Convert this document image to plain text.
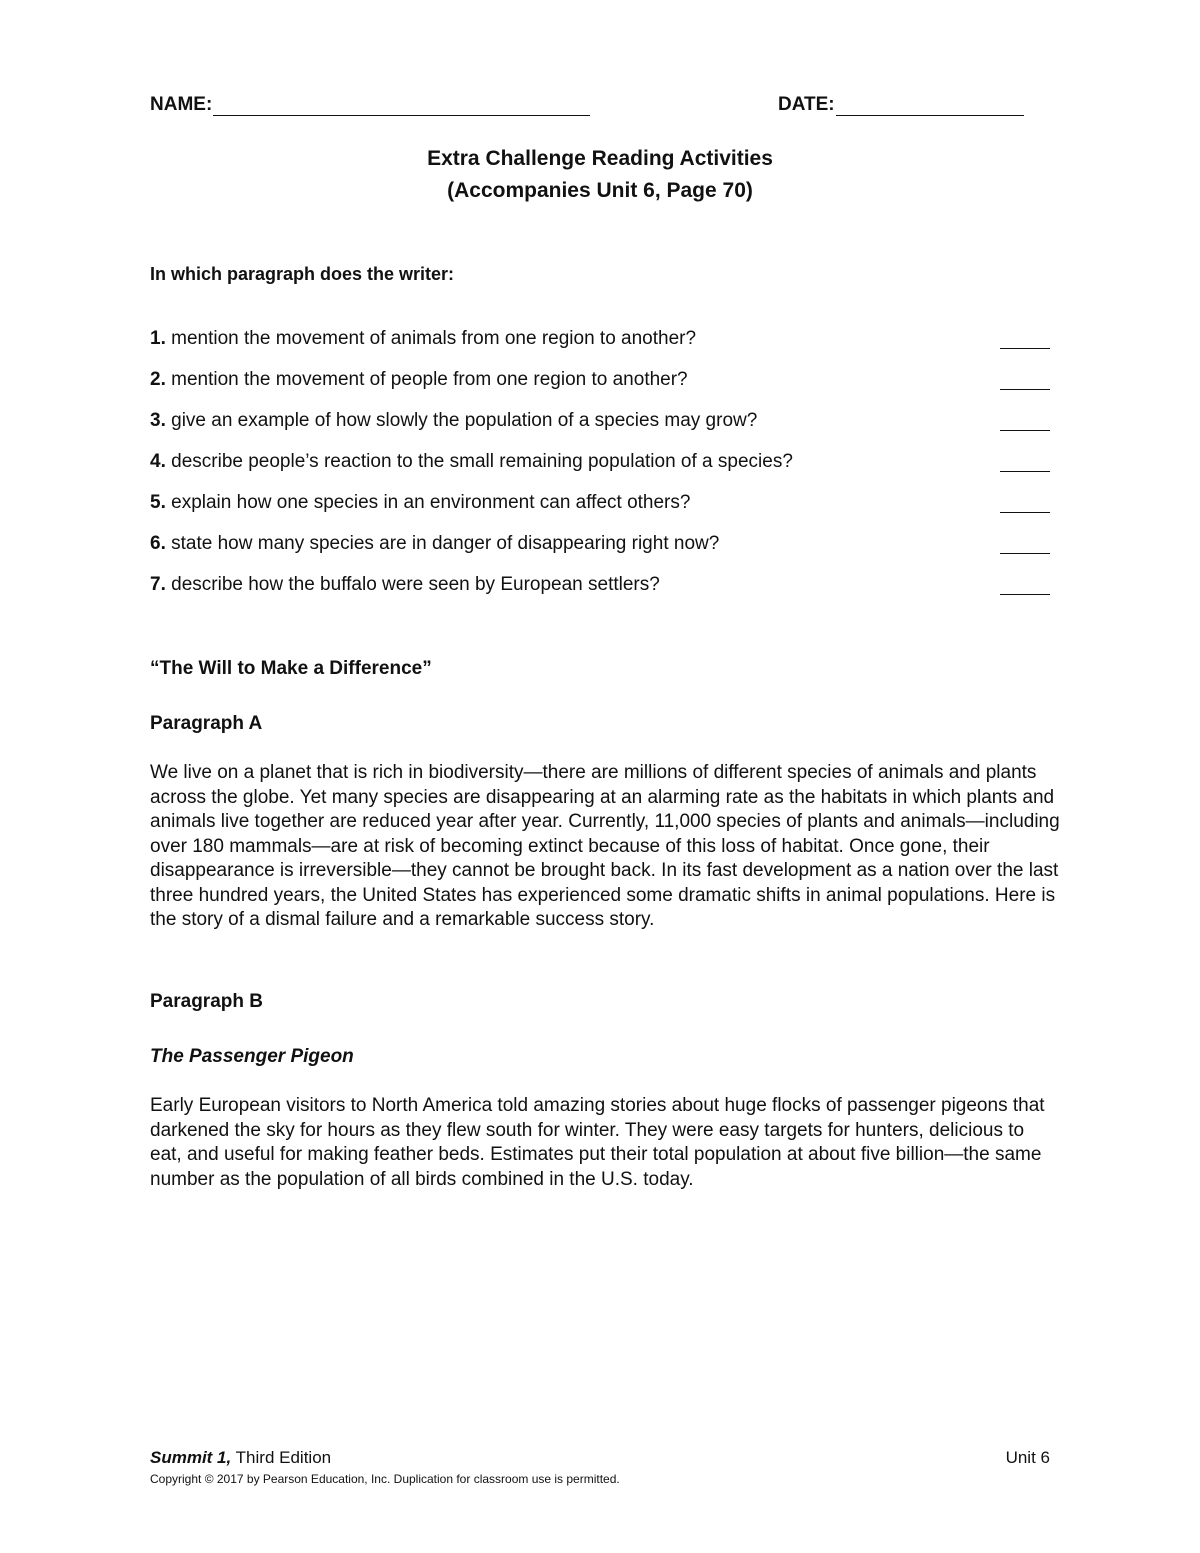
NAME:	DATE:
Extra Challenge Reading Activities
(Accompanies Unit 6, Page 70)
In which paragraph does the writer:
1. mention the movement of animals from one region to another?
2. mention the movement of people from one region to another?
3. give an example of how slowly the population of a species may grow?
4. describe people’s reaction to the small remaining population of a species?
5. explain how one species in an environment can affect others?
6. state how many species are in danger of disappearing right now?
7. describe how the buffalo were seen by European settlers?
“The Will to Make a Difference”
Paragraph A
We live on a planet that is rich in biodiversity—there are millions of different species of animals and plants across the globe. Yet many species are disappearing at an alarming rate as the habitats in which plants and animals live together are reduced year after year. Currently, 11,000 species of plants and animals—including over 180 mammals—are at risk of becoming extinct because of this loss of habitat. Once gone, their disappearance is irreversible—they cannot be brought back. In its fast development as a nation over the last three hundred years, the United States has experienced some dramatic shifts in animal populations. Here is the story of a dismal failure and a remarkable success story.
Paragraph B
The Passenger Pigeon
Early European visitors to North America told amazing stories about huge flocks of passenger pigeons that darkened the sky for hours as they flew south for winter. They were easy targets for hunters, delicious to eat, and useful for making feather beds. Estimates put their total population at about five billion—the same number as the population of all birds combined in the U.S. today.
Summit 1, Third Edition	Unit 6
Copyright © 2017 by Pearson Education, Inc. Duplication for classroom use is permitted.
